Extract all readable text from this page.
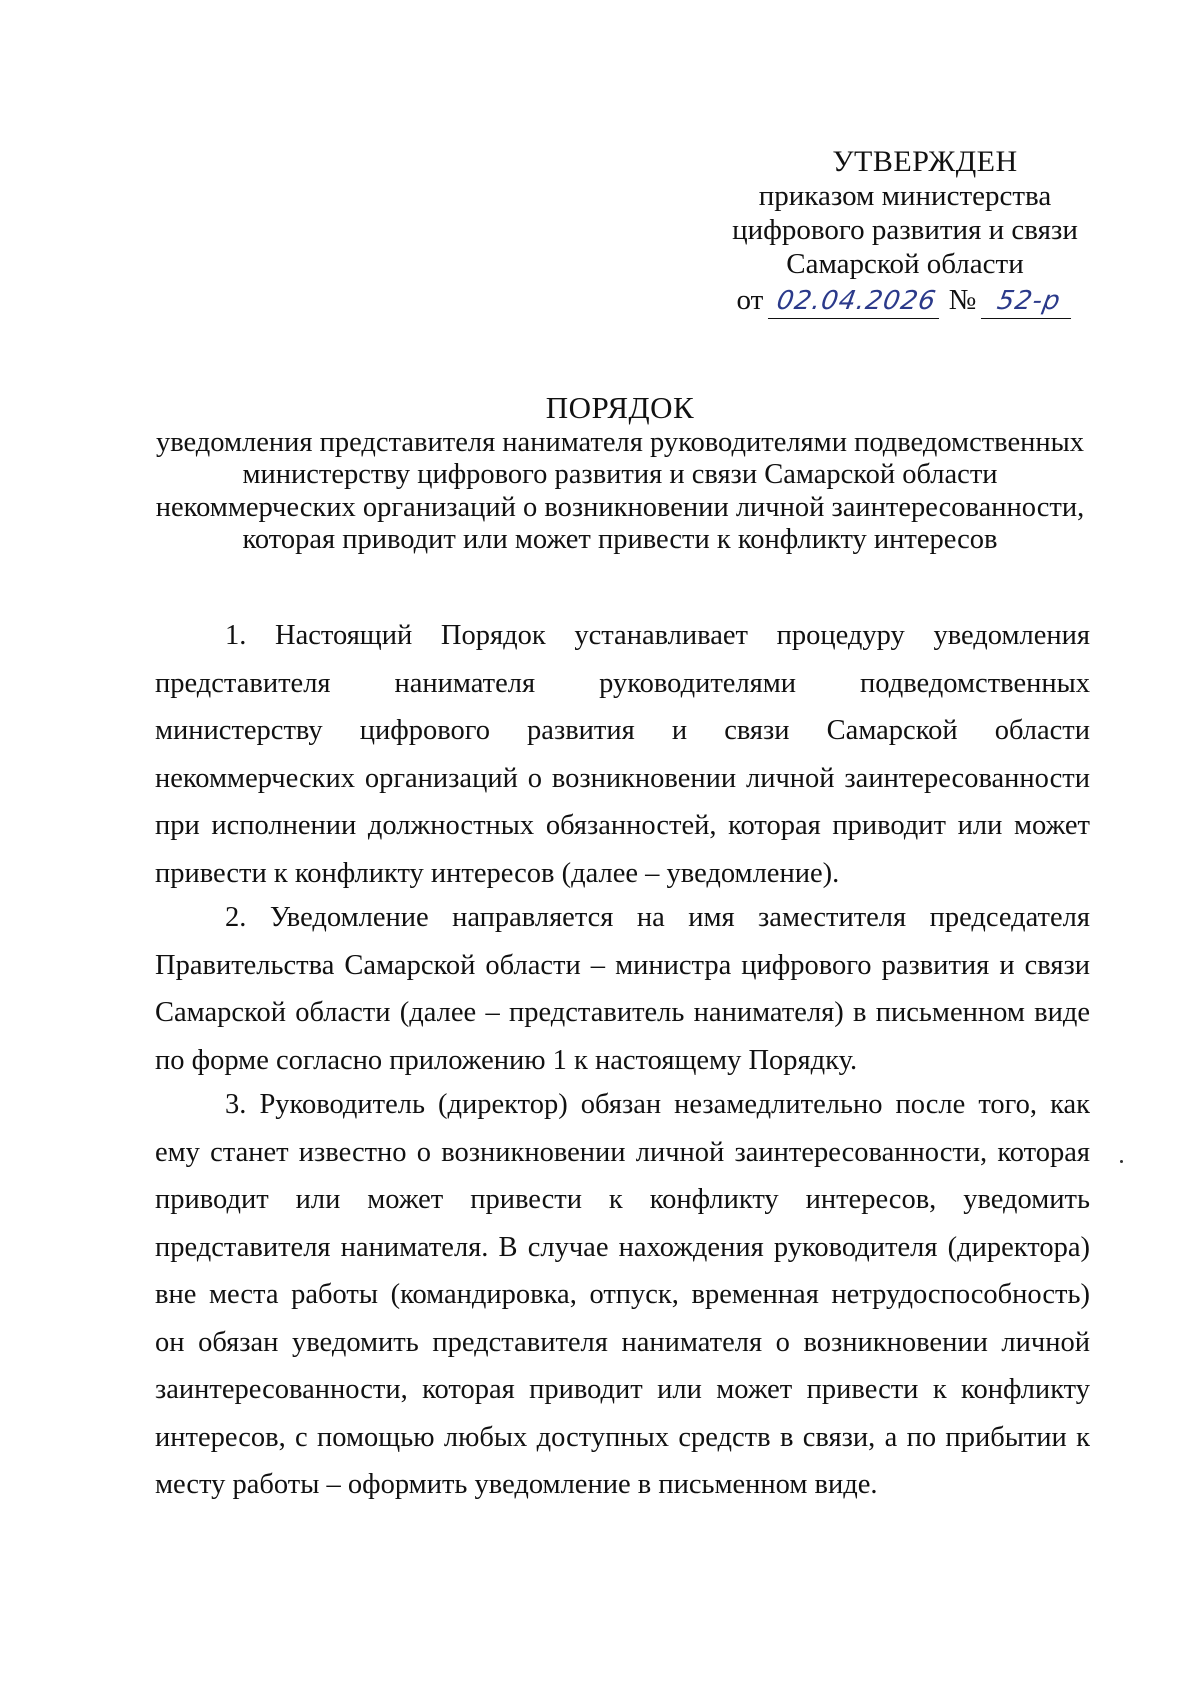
УТВЕРЖДЕН
приказом министерства
цифрового развития и связи
Самарской области
от 02.04.2026 № 52-р
ПОРЯДОК
уведомления представителя нанимателя руководителями подведомственных
министерству цифрового развития и связи Самарской области
некоммерческих организаций о возникновении личной заинтересованности,
которая приводит или может привести к конфликту интересов

1. Настоящий Порядок устанавливает процедуру уведомления представителя нанимателя руководителями подведомственных министерству цифрового развития и связи Самарской области некоммерческих организаций о возникновении личной заинтересованности при исполнении должностных обязанностей, которая приводит или может привести к конфликту интересов (далее – уведомление).

2. Уведомление направляется на имя заместителя председателя Правительства Самарской области – министра цифрового развития и связи Самарской области (далее – представитель нанимателя) в письменном виде по форме согласно приложению 1 к настоящему Порядку.

3. Руководитель (директор) обязан незамедлительно после того, как ему станет известно о возникновении личной заинтересованности, которая приводит или может привести к конфликту интересов, уведомить представителя нанимателя. В случае нахождения руководителя (директора) вне места работы (командировка, отпуск, временная нетрудоспособность) он обязан уведомить представителя нанимателя о возникновении личной заинтересованности, которая приводит или может привести к конфликту интересов, с помощью любых доступных средств в связи, а по прибытии к месту работы – оформить уведомление в письменном виде.
